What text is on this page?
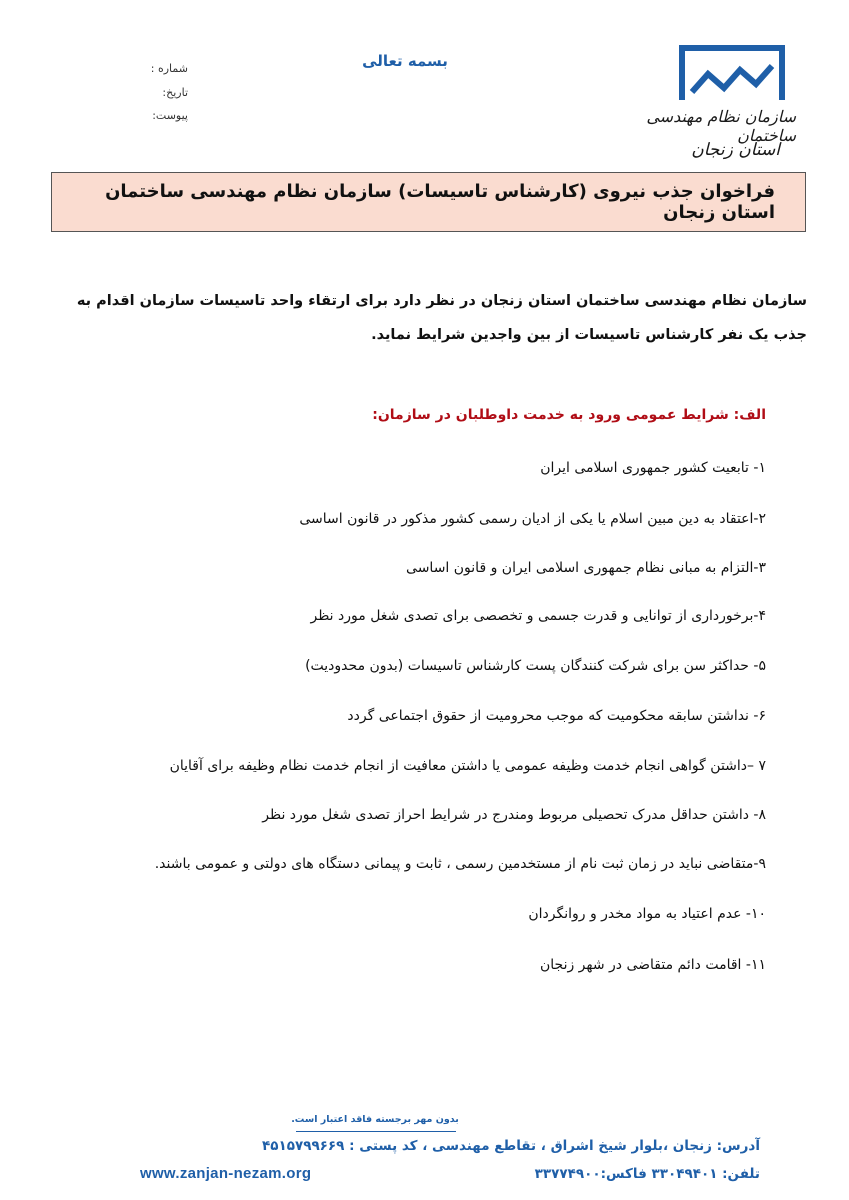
بسمه تعالی
شماره :
تاریخ:
پیوست:	سازمان نظام مهندسی ساختمان
استان زنجان
فراخوان جذب نیروی (کارشناس تاسیسات) سازمان نظام مهندسی ساختمان استان زنجان
سازمان نظام مهندسی ساختمان استان زنجان در نظر دارد برای ارتقاء واحد تاسیسات سازمان اقدام به جذب یک نفر کارشناس تاسیسات از بین واجدین شرایط نماید.
الف: شرایط عمومی ورود به خدمت داوطلبان در سازمان:
۱- تابعیت کشور جمهوری اسلامی ایران
۲-اعتقاد به دین مبین اسلام یا یکی از ادیان رسمی کشور مذکور در قانون اساسی
۳-التزام به مبانی نظام جمهوری اسلامی ایران و قانون اساسی
۴-برخورداری از توانایی و قدرت جسمی و تخصصی برای تصدی شغل مورد نظر
۵- حداکثر سن برای شرکت کنندگان پست کارشناس تاسیسات (بدون محدودیت)
۶- نداشتن سابقه محکومیت که موجب محرومیت از حقوق اجتماعی گردد
۷ –داشتن گواهی انجام خدمت وظیفه عمومی یا داشتن معافیت از انجام خدمت نظام وظیفه برای آقایان
۸- داشتن حداقل مدرک تحصیلی مربوط ومندرج در شرایط احراز تصدی شغل مورد نظر
۹-متقاضی نباید در زمان ثبت نام از مستخدمین رسمی ، ثابت و پیمانی دستگاه های دولتی و عمومی باشند.
۱۰- عدم اعتیاد به مواد مخدر و روانگردان
۱۱- اقامت دائم متقاضی در شهر زنجان
بدون مهر برجسته فاقد اعتبار است.
آدرس: زنجان ،بلوار شیخ اشراق ، تقاطع مهندسی ، کد پستی : ۴۵۱۵۷۹۹۶۶۹
www.zanjan-nezam.org	تلفن: ۳۳۰۴۹۴۰۱ فاکس:۳۳۷۷۴۹۰۰
